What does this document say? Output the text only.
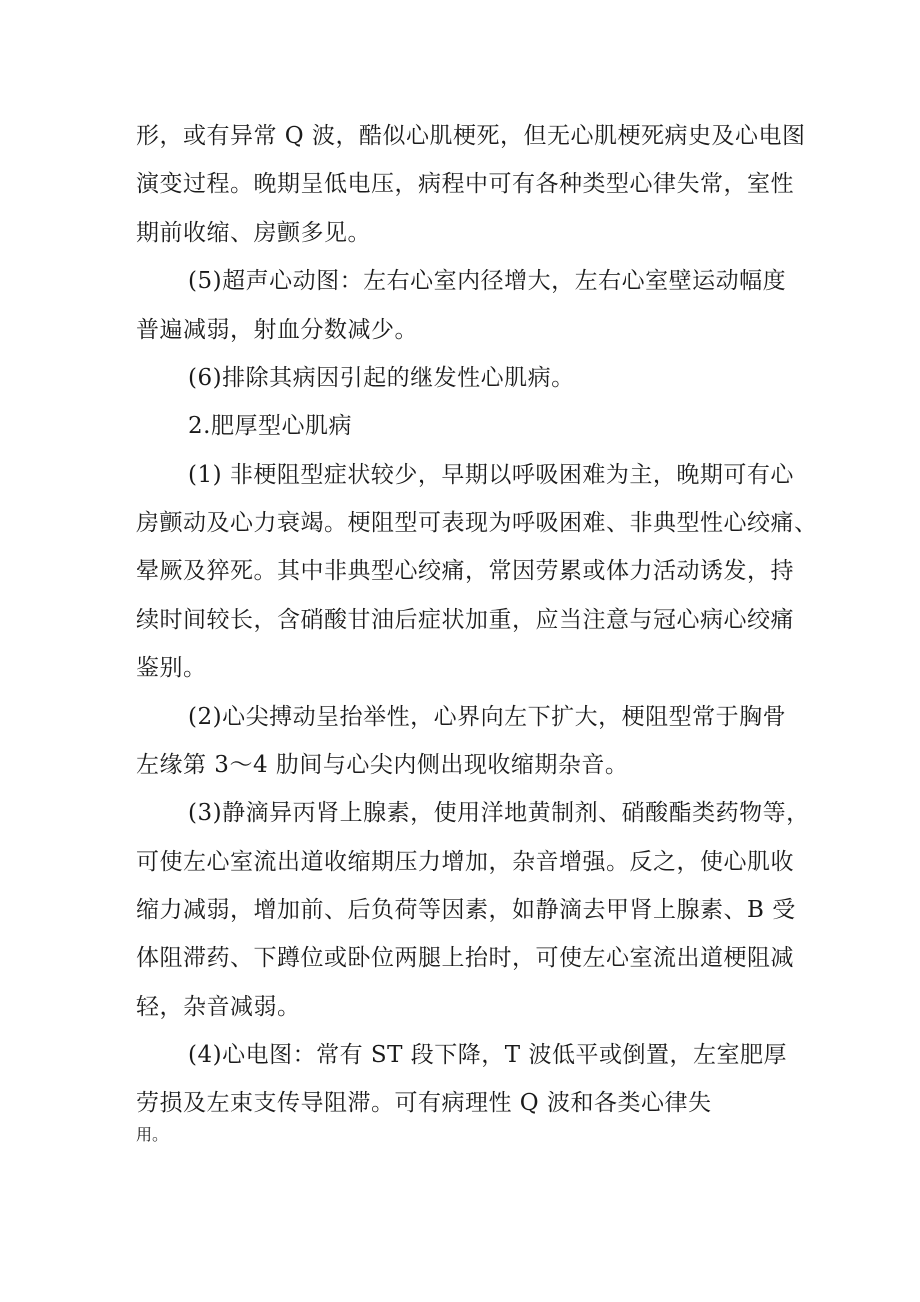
形，或有异常 Q 波，酷似心肌梗死，但无心肌梗死病史及心电图
演变过程。晚期呈低电压，病程中可有各种类型心律失常，室性
期前收缩、房颤多见。
(5)超声心动图：左右心室内径增大，左右心室壁运动幅度
普遍减弱，射血分数减少。
(6)排除其病因引起的继发性心肌病。
2.肥厚型心肌病
(1) 非梗阻型症状较少，早期以呼吸困难为主，晚期可有心
房颤动及心力衰竭。梗阻型可表现为呼吸困难、非典型性心绞痛、
晕厥及猝死。其中非典型心绞痛，常因劳累或体力活动诱发，持
续时间较长，含硝酸甘油后症状加重，应当注意与冠心病心绞痛
鉴别。
(2)心尖搏动呈抬举性，心界向左下扩大，梗阻型常于胸骨
左缘第 3～4 肋间与心尖内侧出现收缩期杂音。
(3)静滴异丙肾上腺素，使用洋地黄制剂、硝酸酯类药物等，
可使左心室流出道收缩期压力增加，杂音增强。反之，使心肌收
缩力减弱，增加前、后负荷等因素，如静滴去甲肾上腺素、B 受
体阻滞药、下蹲位或卧位两腿上抬时，可使左心室流出道梗阻减
轻，杂音减弱。
(4)心电图：常有 ST 段下降，T 波低平或倒置，左室肥厚
劳损及左束支传导阻滞。可有病理性 Q 波和各类心律失
用。
